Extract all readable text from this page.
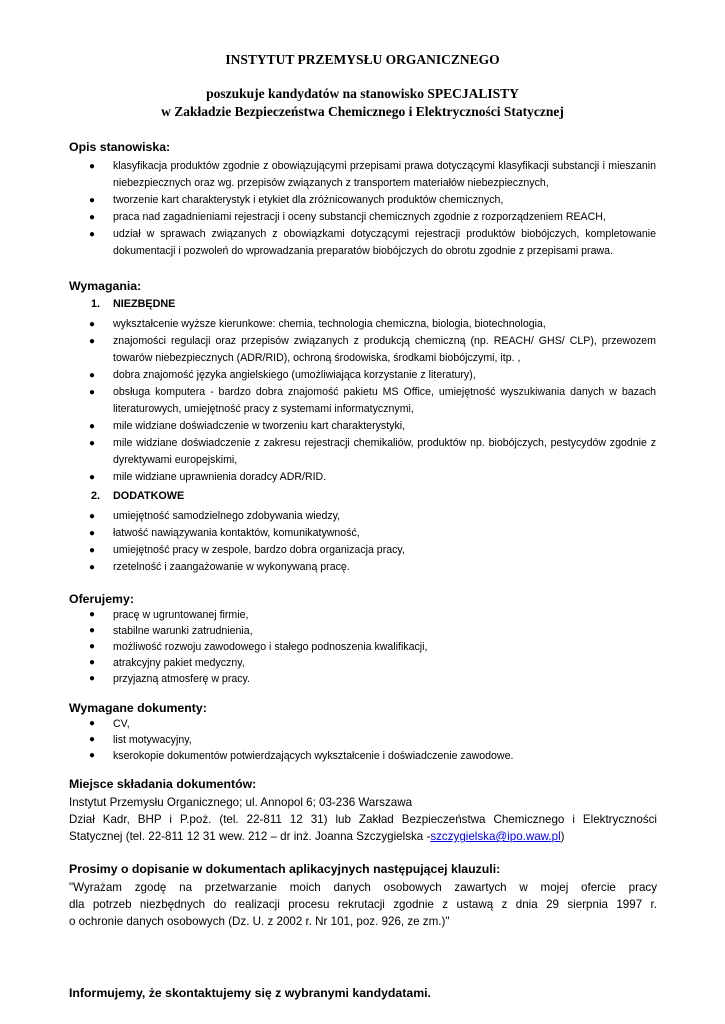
INSTYTUT PRZEMYSŁU ORGANICZNEGO
poszukuje kandydatów na stanowisko SPECJALISTY
w Zakładzie Bezpieczeństwa Chemicznego i Elektryczności Statycznej
Opis stanowiska:
● klasyfikacja produktów zgodnie z obowiązującymi przepisami prawa dotyczącymi klasyfikacji substancji i mieszanin niebezpiecznych oraz wg. przepisów związanych z transportem materiałów niebezpiecznych,
● tworzenie kart charakterystyk i etykiet dla zróżnicowanych produktów chemicznych,
● praca nad zagadnieniami rejestracji i oceny substancji chemicznych zgodnie z rozporządzeniem REACH,
● udział w sprawach związanych z obowiązkami dotyczącymi rejestracji produktów biobójczych, kompletowanie dokumentacji i pozwoleń do wprowadzania preparatów biobójczych do obrotu zgodnie z przepisami prawa.
Wymagania:
1. NIEZBĘDNE
● wykształcenie wyższe kierunkowe: chemia, technologia chemiczna, biologia, biotechnologia,
● znajomości regulacji oraz przepisów związanych z produkcją chemiczną (np. REACH/ GHS/ CLP), przewozem towarów niebezpiecznych (ADR/RID), ochroną środowiska, środkami biobójczymi, itp. ,
● dobra znajomość języka angielskiego (umożliwiająca korzystanie z literatury),
● obsługa komputera - bardzo dobra znajomość pakietu MS Office, umiejętność wyszukiwania danych w bazach literaturowych, umiejętność pracy z systemami informatycznymi,
● mile widziane doświadczenie w tworzeniu kart charakterystyki,
● mile widziane doświadczenie z zakresu rejestracji chemikaliów, produktów np. biobójczych, pestycydów zgodnie z dyrektywami europejskimi,
● mile widziane uprawnienia doradcy ADR/RID.
2. DODATKOWE
● umiejętność samodzielnego zdobywania wiedzy,
● łatwość nawiązywania kontaktów, komunikatywność,
● umiejętność pracy w zespole, bardzo dobra organizacja pracy,
● rzetelność i zaangażowanie w wykonywaną pracę.
Oferujemy:
● pracę w ugruntowanej firmie,
● stabilne warunki zatrudnienia,
● możliwość rozwoju zawodowego i stałego podnoszenia kwalifikacji,
● atrakcyjny pakiet medyczny,
● przyjazną atmosferę w pracy.
Wymagane dokumenty:
● CV,
● list motywacyjny,
● kserokopie dokumentów potwierdzających wykształcenie i doświadczenie zawodowe.
Miejsce składania dokumentów:
Instytut Przemysłu Organicznego; ul. Annopol 6; 03-236 Warszawa
Dział Kadr, BHP i P.poż. (tel. 22-811 12 31) lub Zakład Bezpieczeństwa Chemicznego i Elektryczności
Statycznej (tel. 22-811 12 31 wew. 212 – dr inż. Joanna Szczygielska -szczygielska@ipo.waw.pl)
Prosimy o dopisanie w dokumentach aplikacyjnych następującej klauzuli:
"Wyrażam zgodę na przetwarzanie moich danych osobowych zawartych w mojej ofercie pracy
dla potrzeb niezbędnych do realizacji procesu rekrutacji zgodnie z ustawą z dnia 29 sierpnia 1997 r.
o ochronie danych osobowych (Dz. U. z 2002 r. Nr 101, poz. 926, ze zm.)"
Informujemy, że skontaktujemy się z wybranymi kandydatami.
